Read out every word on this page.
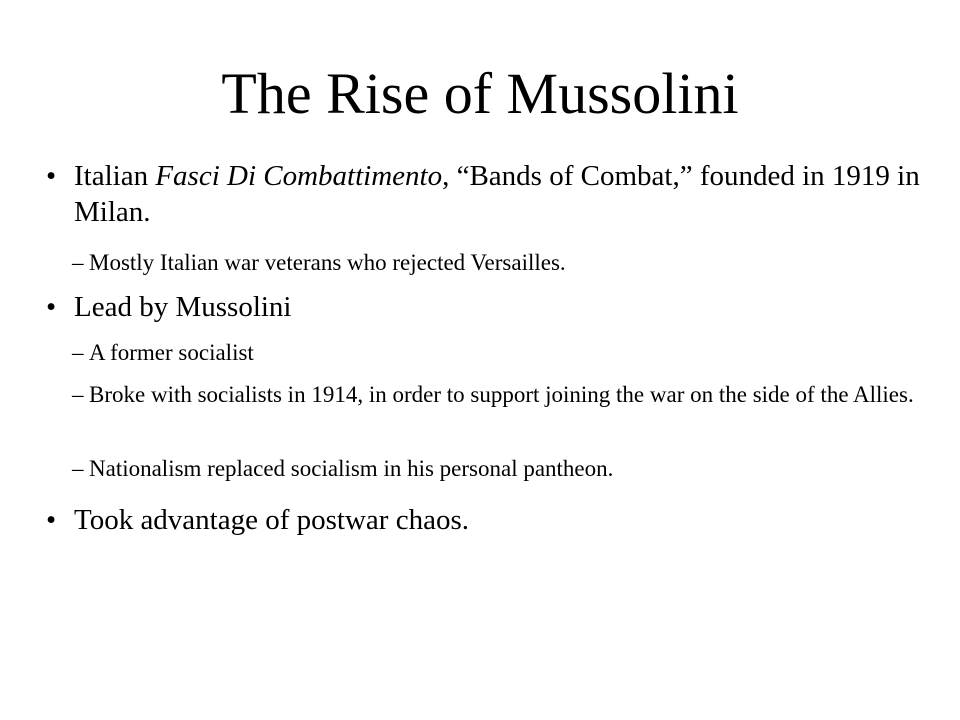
The Rise of Mussolini
• Italian Fasci Di Combattimento, “Bands of Combat,” founded in 1919 in Milan.
– Mostly Italian war veterans who rejected Versailles.
• Lead by Mussolini
– A former socialist
– Broke with socialists in 1914, in order to support joining the war on the side of the Allies.
– Nationalism replaced socialism in his personal pantheon.
• Took advantage of postwar chaos.
